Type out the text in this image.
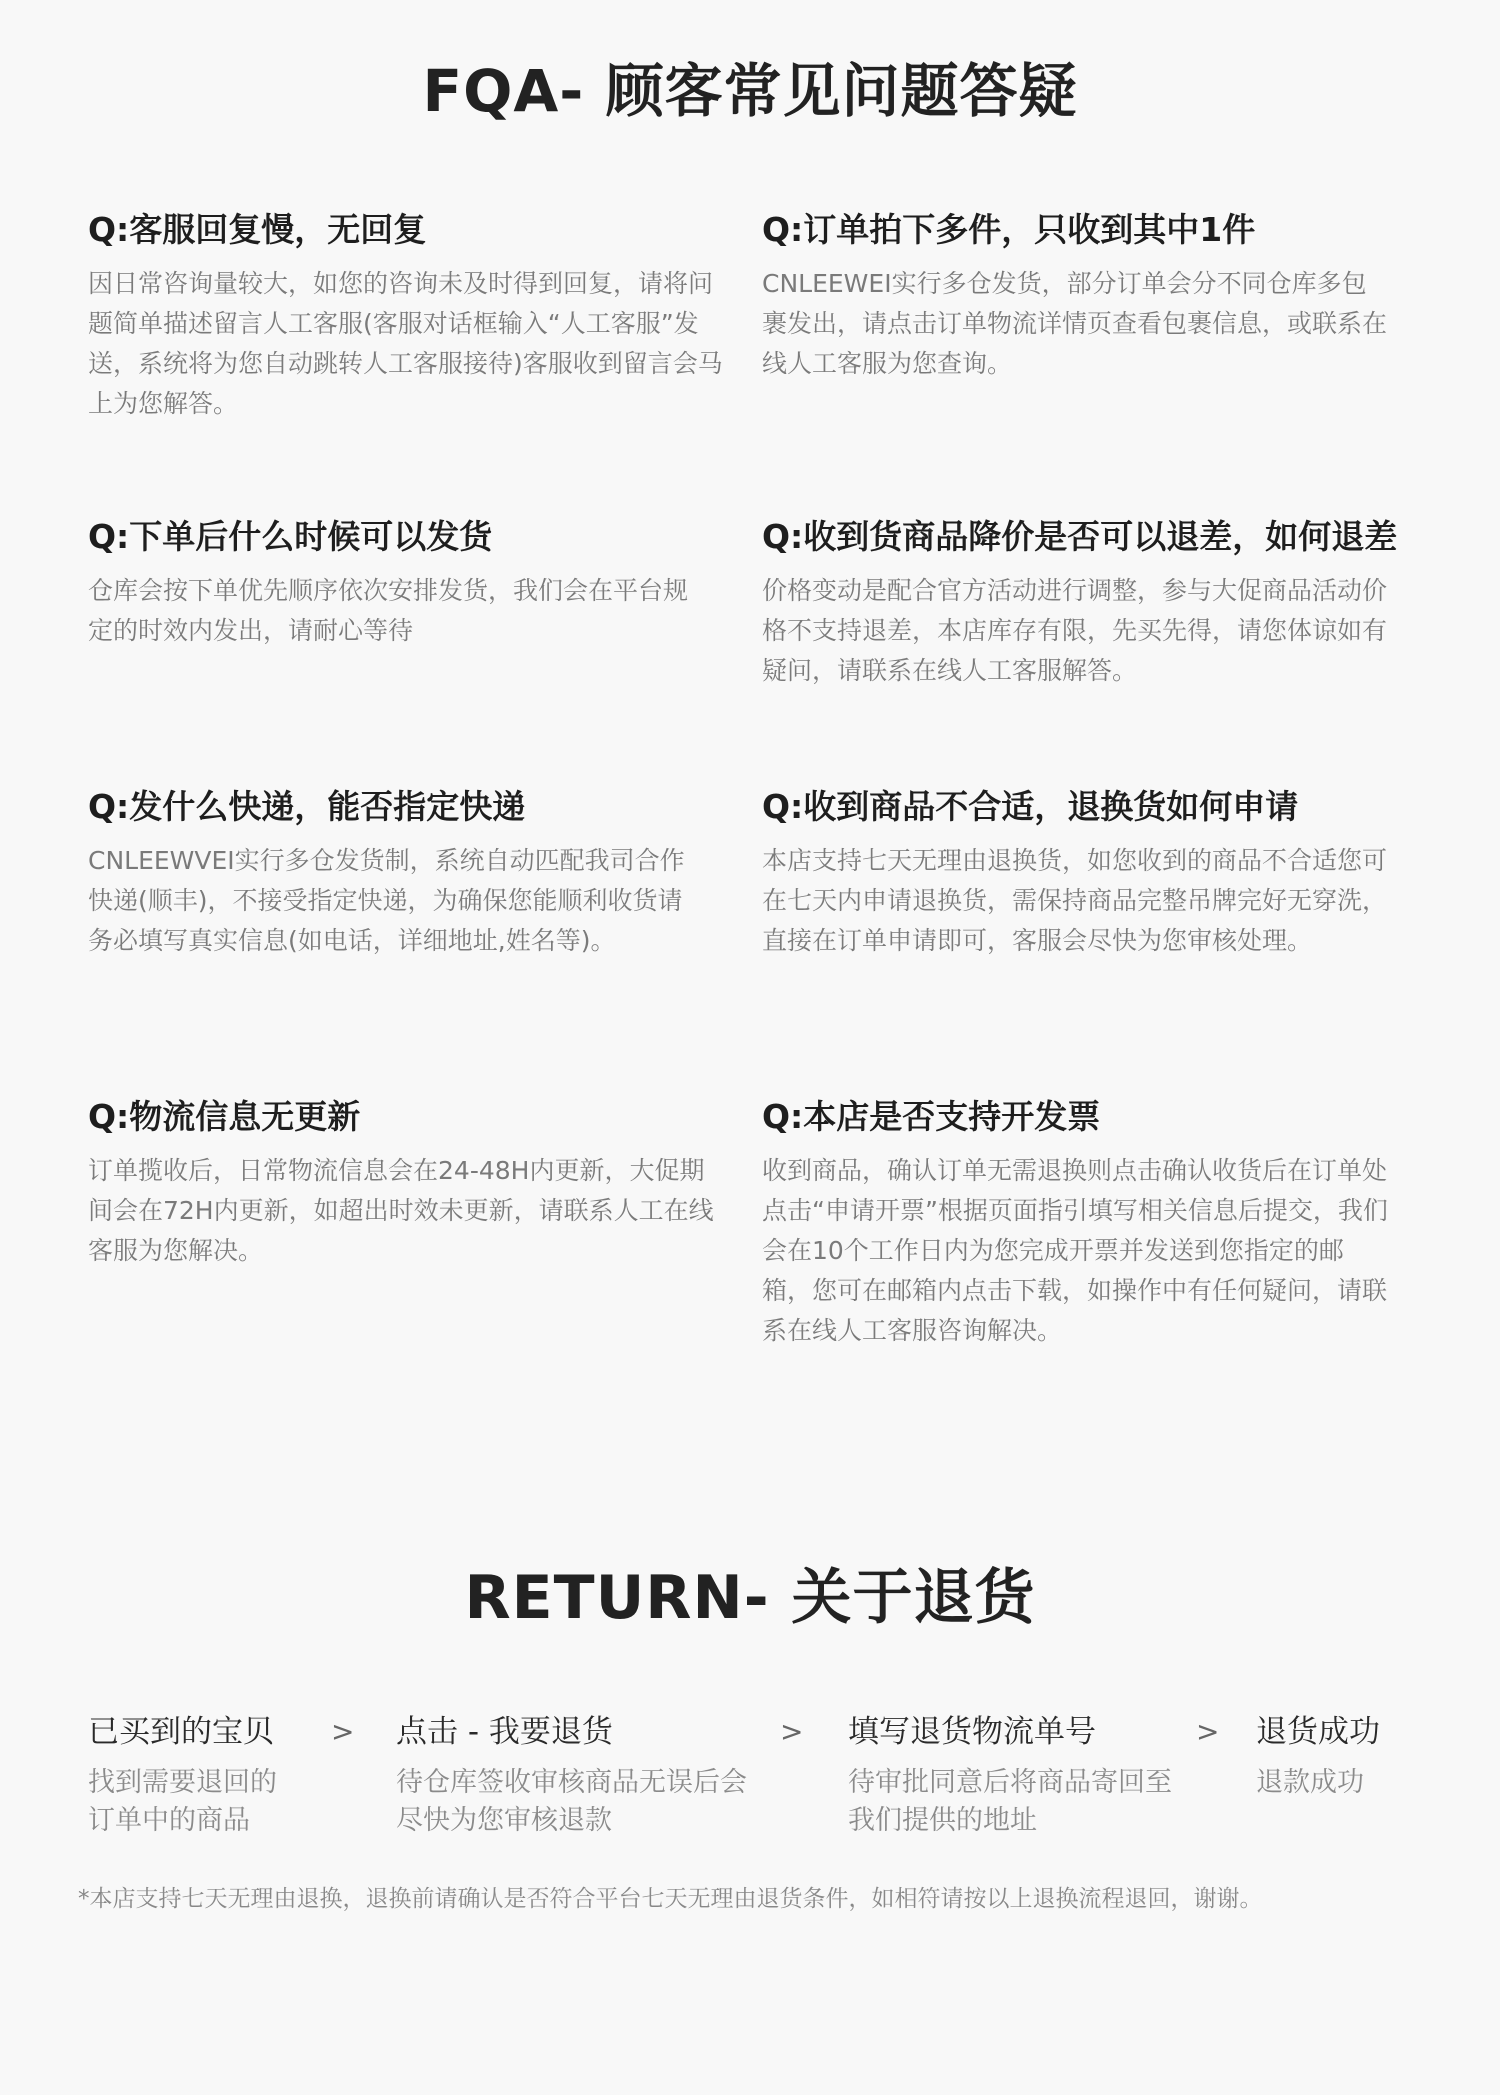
FQA- 顾客常见问题答疑
Q:客服回复慢，无回复
因日常咨询量较大，如您的咨询未及时得到回复，请将问题简单描述留言人工客服(客服对话框输入“人工客服”发送，系统将为您自动跳转人工客服接待)客服收到留言会马上为您解答。
Q:订单拍下多件，只收到其中1件
CNLEEWEI实行多仓发货，部分订单会分不同仓库多包裹发出，请点击订单物流详情页查看包裹信息，或联系在线人工客服为您查询。
Q:下单后什么时候可以发货
仓库会按下单优先顺序依次安排发货，我们会在平台规定的时效内发出，请耐心等待
Q:收到货商品降价是否可以退差，如何退差
价格变动是配合官方活动进行调整，参与大促商品活动价格不支持退差，本店库存有限，先买先得，请您体谅如有疑问，请联系在线人工客服解答。
Q:发什么快递，能否指定快递
CNLEEWVEI实行多仓发货制，系统自动匹配我司合作快递(顺丰)，不接受指定快递，为确保您能顺利收货请务必填写真实信息(如电话，详细地址,姓名等)。
Q:收到商品不合适，退换货如何申请
本店支持七天无理由退换货，如您收到的商品不合适您可在七天内申请退换货，需保持商品完整吊牌完好无穿洗，直接在订单申请即可，客服会尽快为您审核处理。
Q:物流信息无更新
订单揽收后，日常物流信息会在24-48H内更新，大促期间会在72H内更新，如超出时效未更新，请联系人工在线客服为您解决。
Q:本店是否支持开发票
收到商品，确认订单无需退换则点击确认收货后在订单处点击“申请开票”根据页面指引填写相关信息后提交，我们会在10个工作日内为您完成开票并发送到您指定的邮箱，您可在邮箱内点击下载，如操作中有任何疑问，请联系在线人工客服咨询解决。
RETURN- 关于退货
已买到的宝贝
找到需要退回的订单中的商品
> 点击 - 我要退货
待仓库签收审核商品无误后会尽快为您审核退款
> 填写退货物流单号
待审批同意后将商品寄回至我们提供的地址
> 退货成功
退款成功
*本店支持七天无理由退换，退换前请确认是否符合平台七天无理由退货条件，如相符请按以上退换流程退回，谢谢。
